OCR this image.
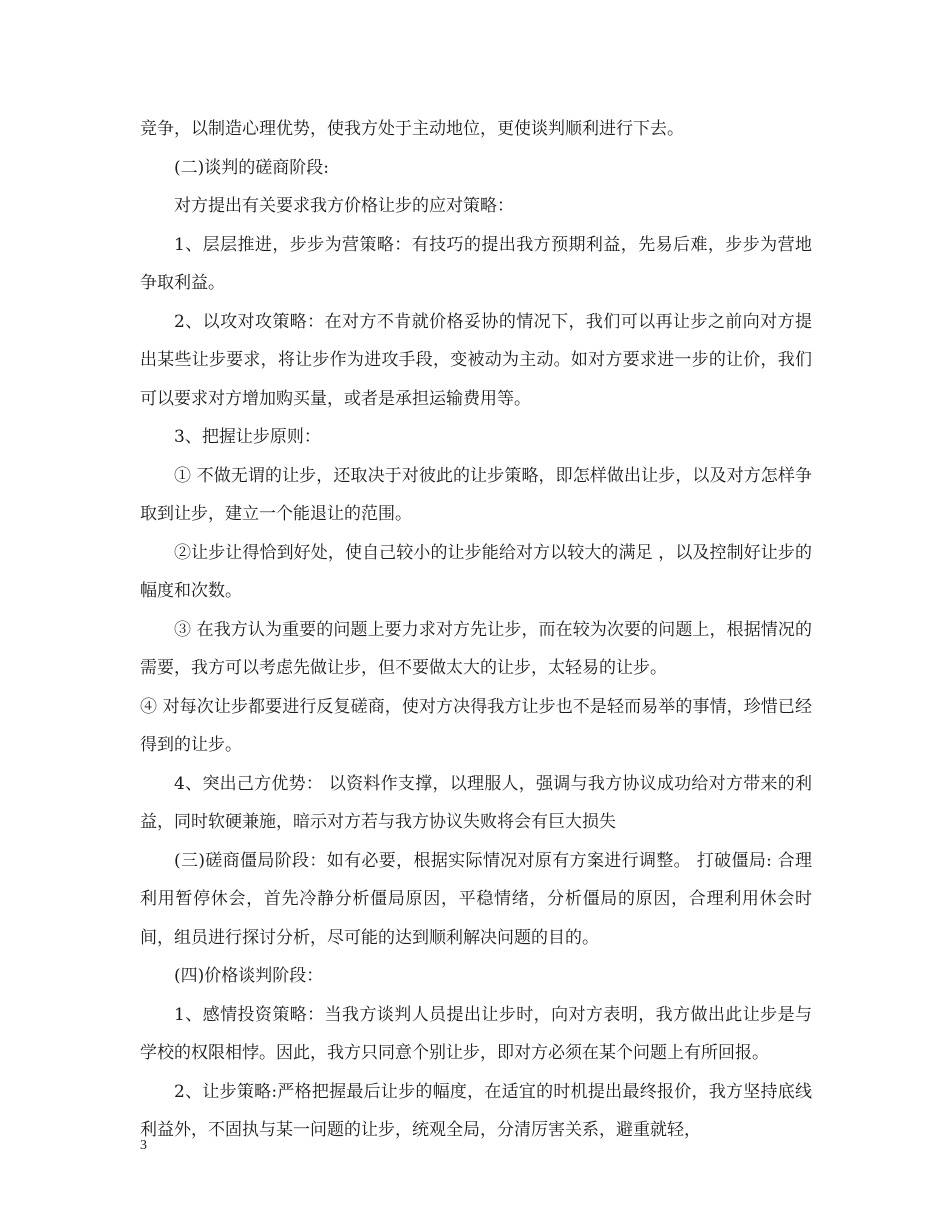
竞争，以制造心理优势，使我方处于主动地位，更使谈判顺利进行下去。

(二)谈判的磋商阶段:

对方提出有关要求我方价格让步的应对策略：

1、层层推进，步步为营策略：有技巧的提出我方预期利益，先易后难，步步为营地争取利益。

2、以攻对攻策略：在对方不肯就价格妥协的情况下，我们可以再让步之前向对方提出某些让步要求，将让步作为进攻手段，变被动为主动。如对方要求进一步的让价，我们可以要求对方增加购买量，或者是承担运输费用等。

3、把握让步原则：

① 不做无谓的让步，还取决于对彼此的让步策略，即怎样做出让步，以及对方怎样争取到让步，建立一个能退让的范围。

②让步让得恰到好处，使自己较小的让步能给对方以较大的满足 ，以及控制好让步的幅度和次数。

③ 在我方认为重要的问题上要力求对方先让步，而在较为次要的问题上，根据情况的需要，我方可以考虑先做让步，但不要做太大的让步，太轻易的让步。

④ 对每次让步都要进行反复磋商，使对方决得我方让步也不是轻而易举的事情，珍惜已经得到的让步。

4、突出己方优势： 以资料作支撑，以理服人，强调与我方协议成功给对方带来的利益，同时软硬兼施，暗示对方若与我方协议失败将会有巨大损失

(三)磋商僵局阶段：如有必要，根据实际情况对原有方案进行调整。 打破僵局: 合理利用暂停休会，首先冷静分析僵局原因，平稳情绪，分析僵局的原因，合理利用休会时间，组员进行探讨分析，尽可能的达到顺利解决问题的目的。

(四)价格谈判阶段：

1、感情投资策略：当我方谈判人员提出让步时，向对方表明，我方做出此让步是与学校的权限相悖。因此，我方只同意个别让步，即对方必须在某个问题上有所回报。

2、让步策略:严格把握最后让步的幅度，在适宜的时机提出最终报价，我方坚持底线利益外，不固执与某一问题的让步，统观全局，分清厉害关系，避重就轻，

3
